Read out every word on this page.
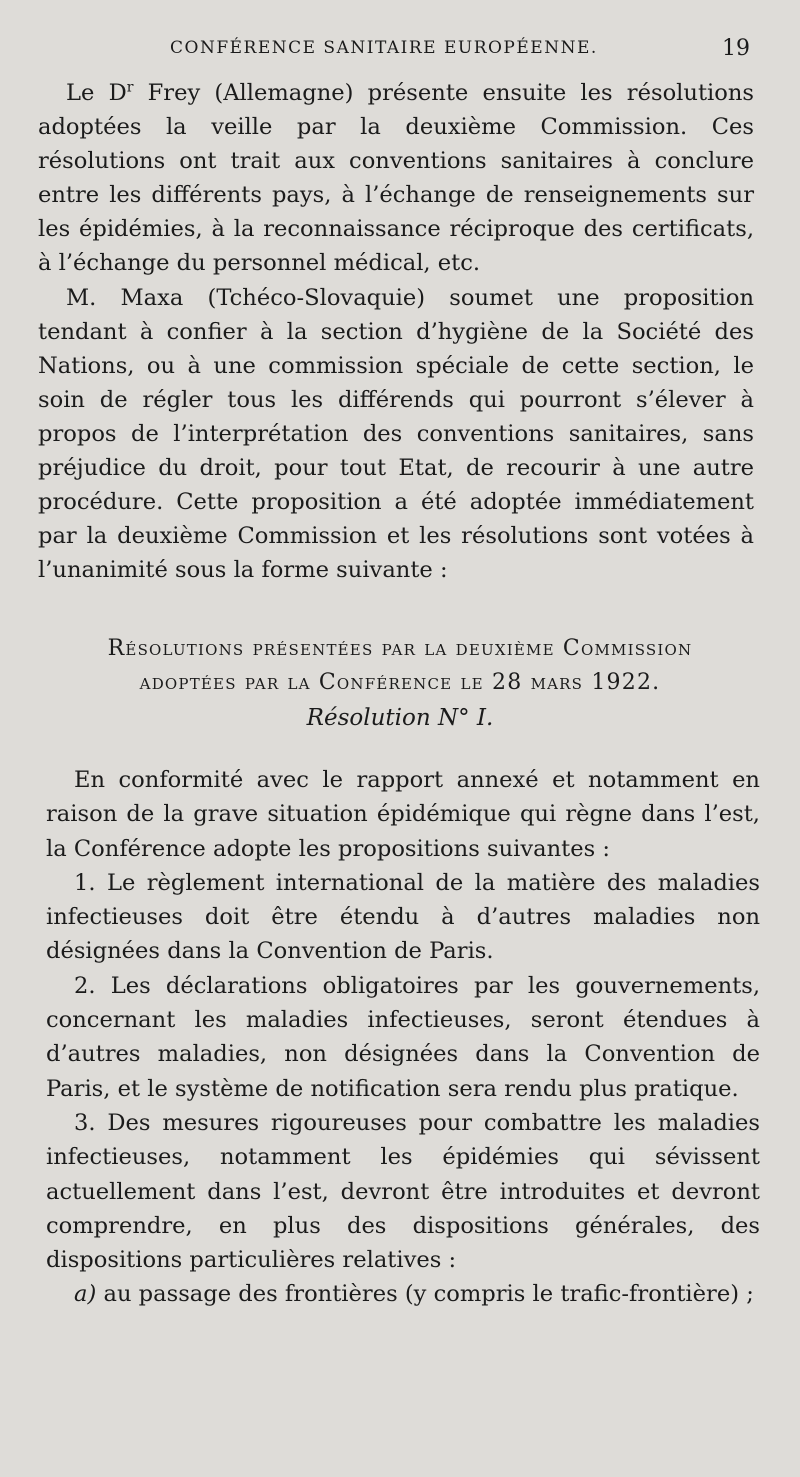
CONFÉRENCE SANITAIRE EUROPÉENNE.	19

Le $D^r$ Frey (Allemagne) présente ensuite les résolutions adoptées la veille par la deuxième Commission. Ces résolutions ont trait aux conventions sanitaires à conclure entre les différents pays, à l’échange de renseignements sur les épidémies, à la reconnaissance réciproque des certificats, à l’échange du personnel médical, etc.

M. Maxa (Tchéco-Slovaquie) soumet une proposition tendant à confier à la section d’hygiène de la Société des Nations, ou à une commission spéciale de cette section, le soin de régler tous les différends qui pourront s’élever à propos de l’interprétation des conventions sanitaires, sans préjudice du droit, pour tout Etat, de recourir à une autre procédure. Cette proposition a été adoptée immédiatement par la deuxième Commission et les résolutions sont votées à l’unanimité sous la forme suivante :

Résolutions présentées par la deuxième Commission
adoptées par la Conférence le 28 mars 1922.
Résolution N° I.

En conformité avec le rapport annexé et notamment en raison de la grave situation épidémique qui règne dans l’est, la Conférence adopte les propositions suivantes :

1. Le règlement international de la matière des maladies infectieuses doit être étendu à d’autres maladies non désignées dans la Convention de Paris.

2. Les déclarations obligatoires par les gouvernements, concernant les maladies infectieuses, seront étendues à d’autres maladies, non désignées dans la Convention de Paris, et le système de notification sera rendu plus pratique.

3. Des mesures rigoureuses pour combattre les maladies infectieuses, notamment les épidémies qui sévissent actuellement dans l’est, devront être introduites et devront comprendre, en plus des dispositions générales, des dispositions particulières relatives :

a) au passage des frontières (y compris le trafic-frontière) ;
